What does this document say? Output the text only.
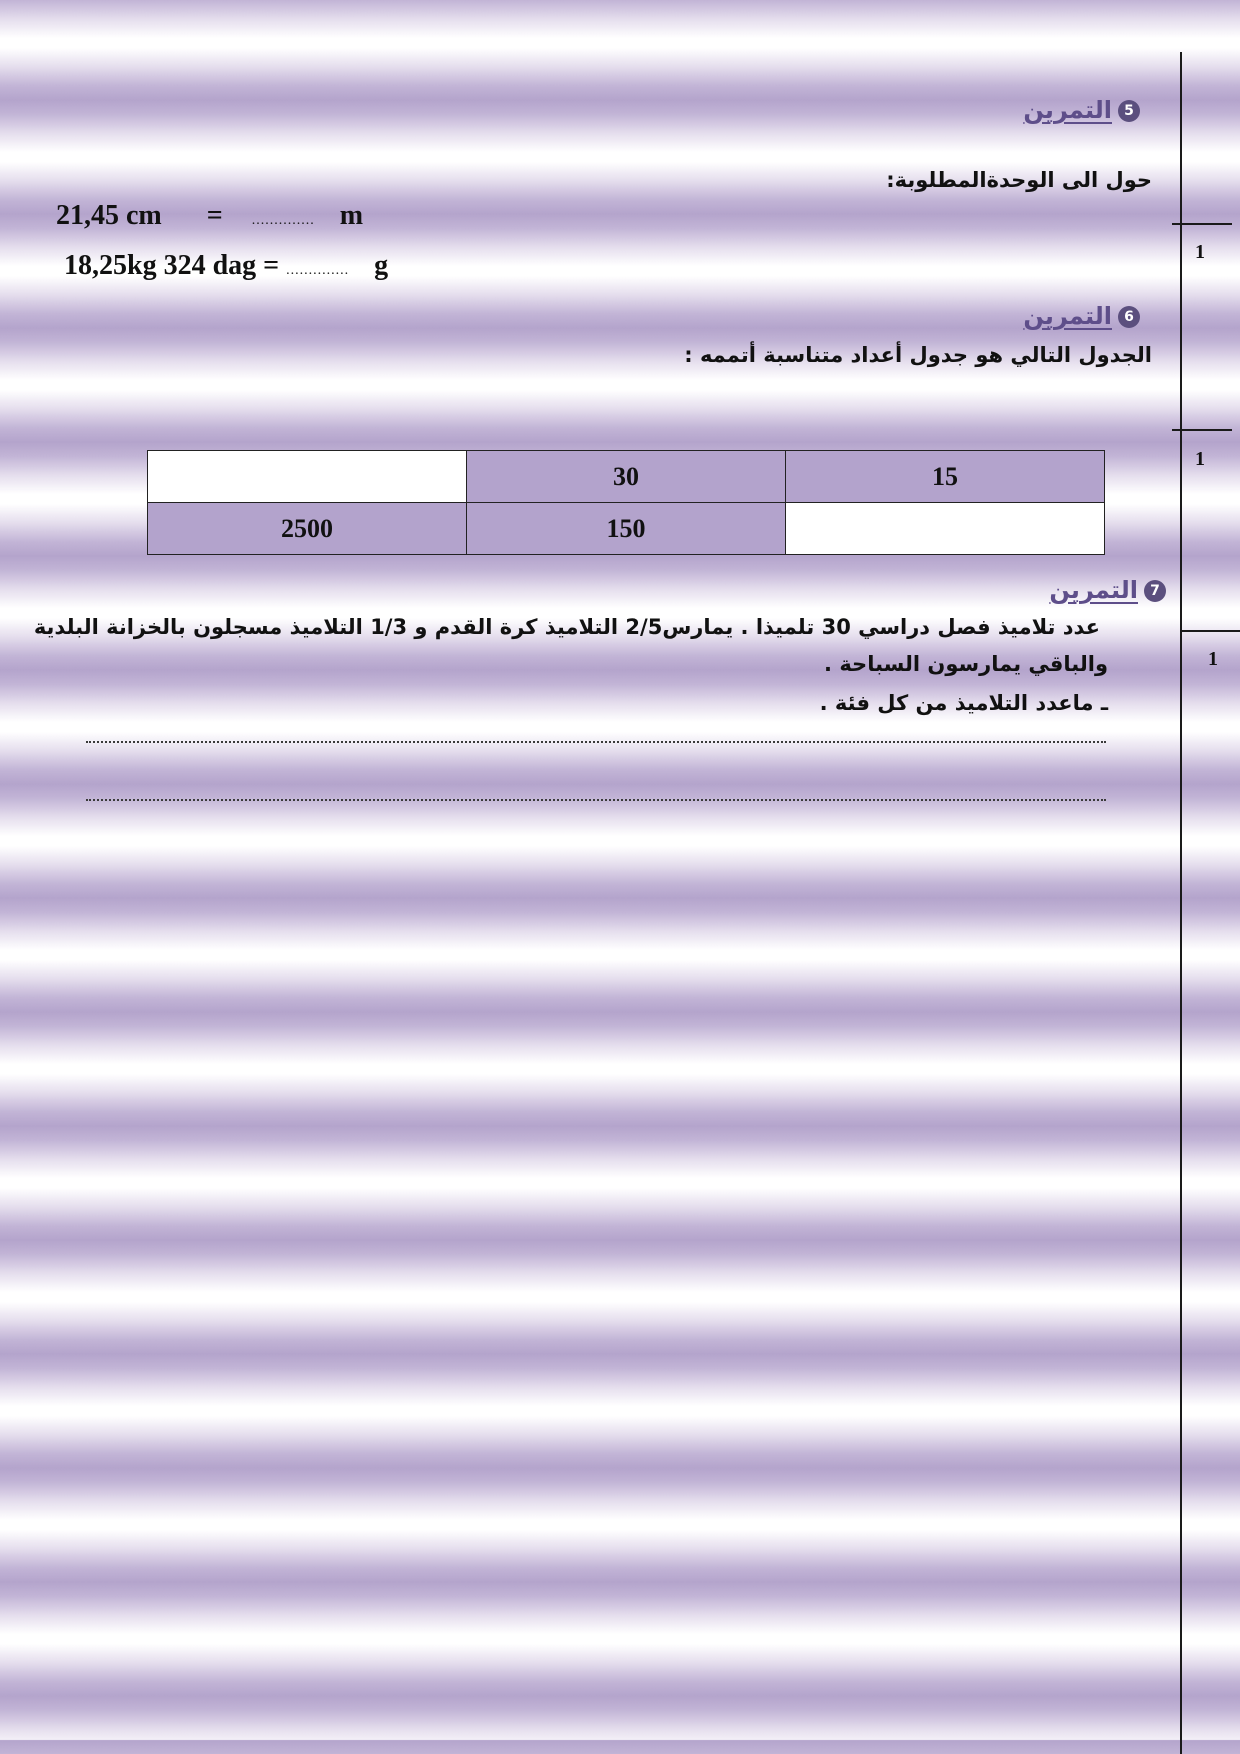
1
1
1
5التمرين
حول الى الوحدةالمطلوبة:
21,45 cm = .............. m
18,25kg 324 dag = .............. g
6التمرين
الجدول التالي هو جدول أعداد متناسبة أتممه :
	30	15
2500	150	
7التمرين
عدد تلاميذ فصل دراسي 30 تلميذا . يمارس2/5 التلاميذ كرة القدم و 1/3 التلاميذ مسجلون بالخزانة البلدية
والباقي يمارسون السباحة .
ـ ماعدد التلاميذ من كل فئة .
